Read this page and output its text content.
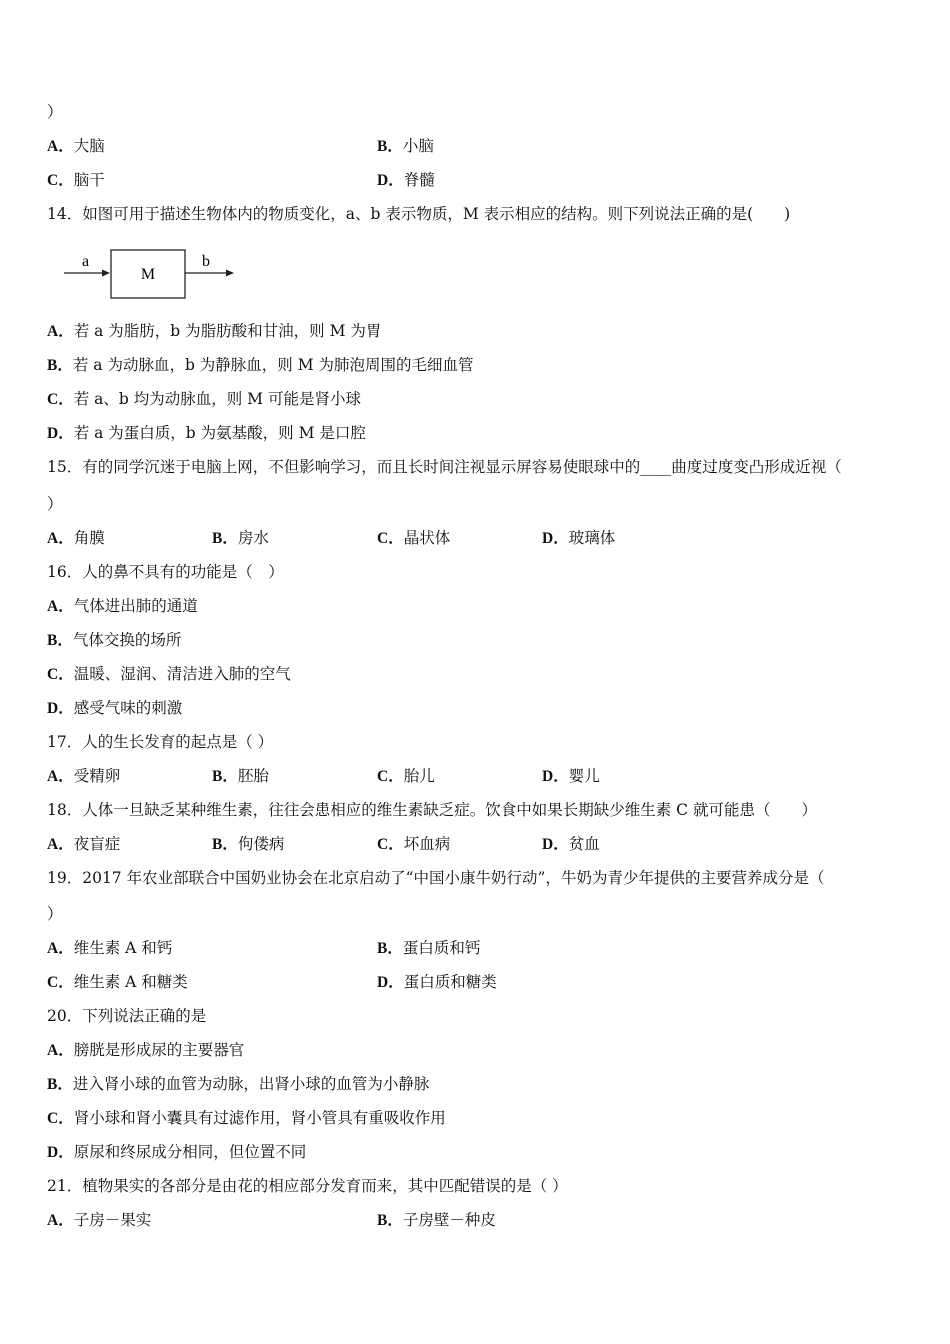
）
A．大脑	B．小脑
C．脑干	D．脊髓
14．如图可用于描述生物体内的物质变化，a、b 表示物质，M 表示相应的结构。则下列说法正确的是(　　)
a
M
b
A．若 a 为脂肪，b 为脂肪酸和甘油，则 M 为胃
B．若 a 为动脉血，b 为静脉血，则 M 为肺泡周围的毛细血管
C．若 a、b 均为动脉血，则 M 可能是肾小球
D．若 a 为蛋白质，b 为氨基酸，则 M 是口腔
15．有的同学沉迷于电脑上网，不但影响学习，而且长时间注视显示屏容易使眼球中的____曲度过度变凸形成近视（
）
A．角膜	B．房水	C．晶状体	D．玻璃体
16．人的鼻不具有的功能是（　）
A．气体进出肺的通道
B．气体交换的场所
C．温暖、湿润、清洁进入肺的空气
D．感受气味的刺激
17．人的生长发育的起点是（ ）
A．受精卵	B．胚胎	C．胎儿	D．婴儿
18．人体一旦缺乏某种维生素，往往会患相应的维生素缺乏症。饮食中如果长期缺少维生素 C 就可能患（　　）
A．夜盲症	B．佝偻病	C．坏血病	D．贫血
19．2017 年农业部联合中国奶业协会在北京启动了“中国小康牛奶行动”，牛奶为青少年提供的主要营养成分是（
）
A．维生素 A 和钙	B．蛋白质和钙
C．维生素 A 和糖类	D．蛋白质和糖类
20．下列说法正确的是
A．膀胱是形成尿的主要器官
B．进入肾小球的血管为动脉，出肾小球的血管为小静脉
C．肾小球和肾小囊具有过滤作用，肾小管具有重吸收作用
D．原尿和终尿成分相同，但位置不同
21．植物果实的各部分是由花的相应部分发育而来，其中匹配错误的是（ ）
A．子房－果实	B．子房壁－种皮
